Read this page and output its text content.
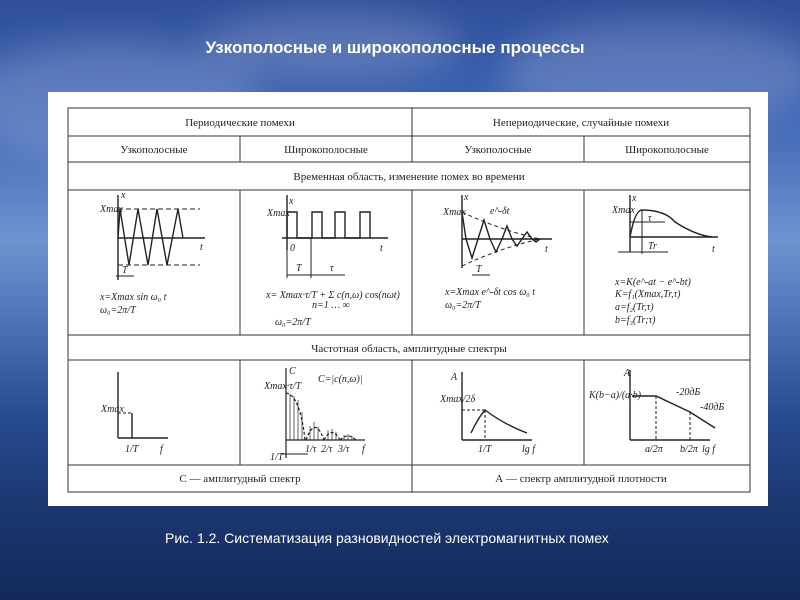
Узкополосные и широкополосные процессы
Периодические помехи	Непериодические, случайные помехи
Узкополосные	Широкополосные	Узкополосные	Широкополосные
Временная область, изменение помех во времени
Частотная область, амплитудные спектры
С — амплитудный спектр	А — спектр амплитудной плотности
x
Xmax
t
T
x=Xmax sin ω₀ t
ω₀=2π/T
x
Xmax
0	t
T	τ
x= Xmax·τ/T + Σ c(n,ω) cos(nωt)
n=1 … ∞
ω₀=2π/T
x
Xmax e^-δt
t
T
x=Xmax e^-δt cos ω₀ t
ω₀=2π/T
x
Xmax
τ
Tr	t
x=K(e^-at − e^-bt)
K=f₁(Xmax,Tr,τ)
a=f₂(Tr,τ)
b=f₃(Tr;τ)
Xmax
1/T f
C
Xmax·τ/T
C=|c(n,ω)|
1/τ 2/τ 3/τ f
1/T
A
Xmax/2δ
1/T	lg f
A
K(b−a)/(a·b)	-20дБ
-40дБ
a/2π b/2π lg f
Рис. 1.2. Систематизация разновидностей электромагнитных помех
